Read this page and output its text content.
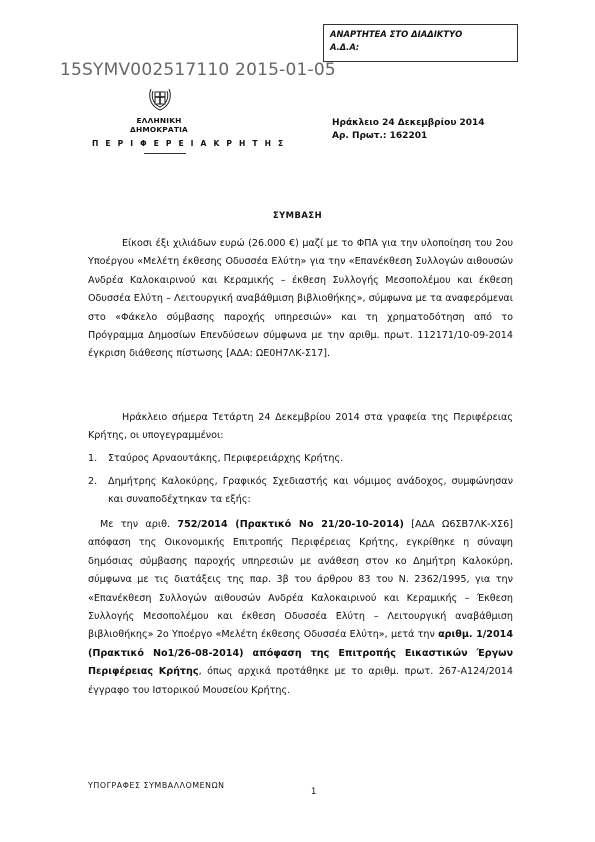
ΑΝΑΡΤΗΤΕΑ ΣΤΟ ΔΙΑΔΙΚΤΥΟ
Α.Δ.Α:
15SYMV002517110 2015-01-05
ΕΛΛΗΝΙΚΗ ΔΗΜΟΚΡΑΤΙΑ
Π Ε Ρ Ι Φ Ε Ρ Ε Ι Α Κ Ρ Η Τ Η Σ
Ηράκλειο 24 Δεκεμβρίου 2014
Αρ. Πρωτ.: 162201
ΣΥΜΒΑΣΗ
Είκοσι έξι χιλιάδων ευρώ (26.000 €) μαζί με το ΦΠΑ για την υλοποίηση του 2ου Υποέργου «Μελέτη έκθεσης Οδυσσέα Ελύτη» για την «Επανέκθεση Συλλογών αιθουσών Ανδρέα Καλοκαιρινού και Κεραμικής – έκθεση Συλλογής Μεσοπολέμου και έκθεση Οδυσσέα Ελύτη – Λειτουργική αναβάθμιση βιβλιοθήκης», σύμφωνα με τα αναφερόμεναι στο «Φάκελο σύμβασης παροχής υπηρεσιών» και τη χρηματοδότηση από το Πρόγραμμα Δημοσίων Επενδύσεων σύμφωνα με την αριθμ. πρωτ. 112171/10-09-2014 έγκριση διάθεσης πίστωσης [ΑΔΑ: ΩΕ0Η7ΛΚ-Σ17].
Ηράκλειο σήμερα Τετάρτη 24 Δεκεμβρίου 2014 στα γραφεία της Περιφέρειας Κρήτης, οι υπογεγραμμένοι:
1. Σταύρος Αρναουτάκης, Περιφερειάρχης Κρήτης.
2. Δημήτρης Καλοκύρης, Γραφικός Σχεδιαστής και νόμιμος ανάδοχος, συμφώνησαν και συναποδέχτηκαν τα εξής:
Με την αριθ. 752/2014 (Πρακτικό Νο 21/20-10-2014) [ΑΔΑ Ω6ΣΒ7ΛΚ-ΧΣ6] απόφαση της Οικονομικής Επιτροπής Περιφέρειας Κρήτης, εγκρίθηκε η σύναψη δημόσιας σύμβασης παροχής υπηρεσιών με ανάθεση στον κο Δημήτρη Καλοκύρη, σύμφωνα με τις διατάξεις της παρ. 3β του άρθρου 83 του Ν. 2362/1995, για την «Επανέκθεση Συλλογών αιθουσών Ανδρέα Καλοκαιρινού και Κεραμικής – Έκθεση Συλλογής Μεσοπολέμου και έκθεση Οδυσσέα Ελύτη – Λειτουργική αναβάθμιση βιβλιοθήκης» 2ο Υποέργο «Μελέτη έκθεσης Οδυσσέα Ελύτη», μετά την αριθμ. 1/2014 (Πρακτικό Νο1/26-08-2014) απόφαση της Επιτροπής Εικαστικών Έργων Περιφέρειας Κρήτης, όπως αρχικά προτάθηκε με το αριθμ. πρωτ. 267-Α124/2014 έγγραφο του Ιστορικού Μουσείου Κρήτης.
ΥΠΟΓΡΑΦΕΣ ΣΥΜΒΑΛΛΟΜΕΝΩΝ
1
